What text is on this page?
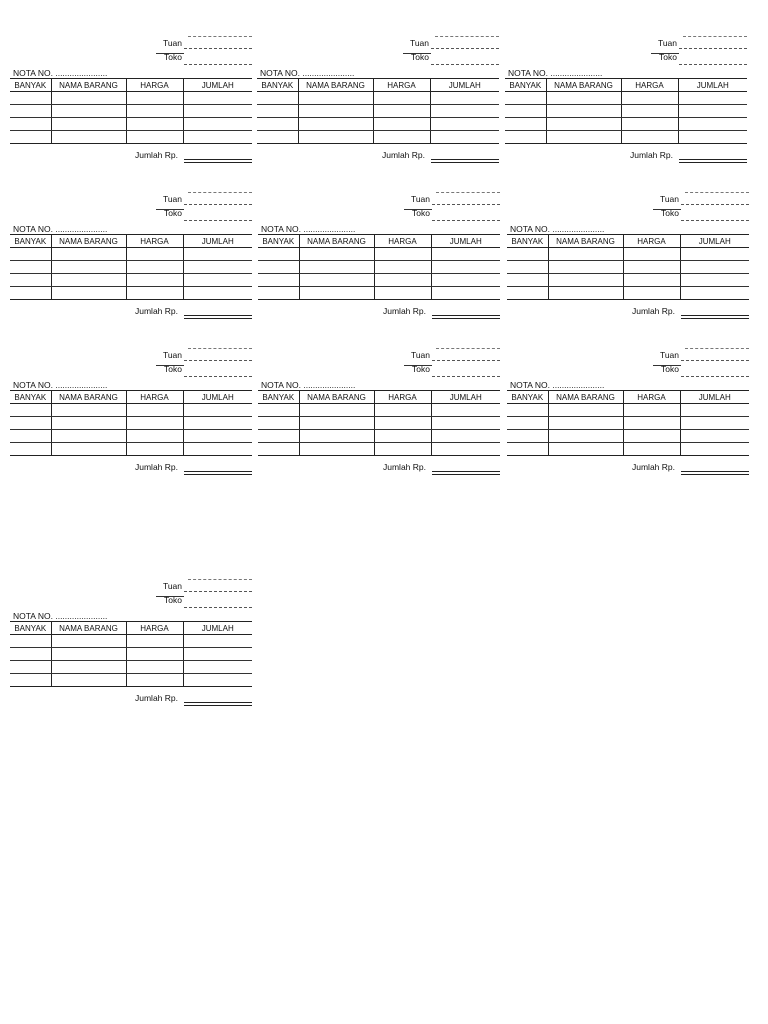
Tuan
Toko
NOTA NO. ......................
BANYAK	NAMA BARANG	HARGA	JUMLAH

Jumlah Rp.
Tuan
Toko
NOTA NO. ......................
BANYAK	NAMA BARANG	HARGA	JUMLAH

Jumlah Rp.
Tuan
Toko
NOTA NO. ......................
BANYAK	NAMA BARANG	HARGA	JUMLAH

Jumlah Rp.
Tuan
Toko
NOTA NO. ......................
BANYAK	NAMA BARANG	HARGA	JUMLAH

Jumlah Rp.
Tuan
Toko
NOTA NO. ......................
BANYAK	NAMA BARANG	HARGA	JUMLAH

Jumlah Rp.
Tuan
Toko
NOTA NO. ......................
BANYAK	NAMA BARANG	HARGA	JUMLAH

Jumlah Rp.
Tuan
Toko
NOTA NO. ......................
BANYAK	NAMA BARANG	HARGA	JUMLAH

Jumlah Rp.
Tuan
Toko
NOTA NO. ......................
BANYAK	NAMA BARANG	HARGA	JUMLAH

Jumlah Rp.
Tuan
Toko
NOTA NO. ......................
BANYAK	NAMA BARANG	HARGA	JUMLAH

Jumlah Rp.
Tuan
Toko
NOTA NO. ......................
BANYAK	NAMA BARANG	HARGA	JUMLAH

Jumlah Rp.
